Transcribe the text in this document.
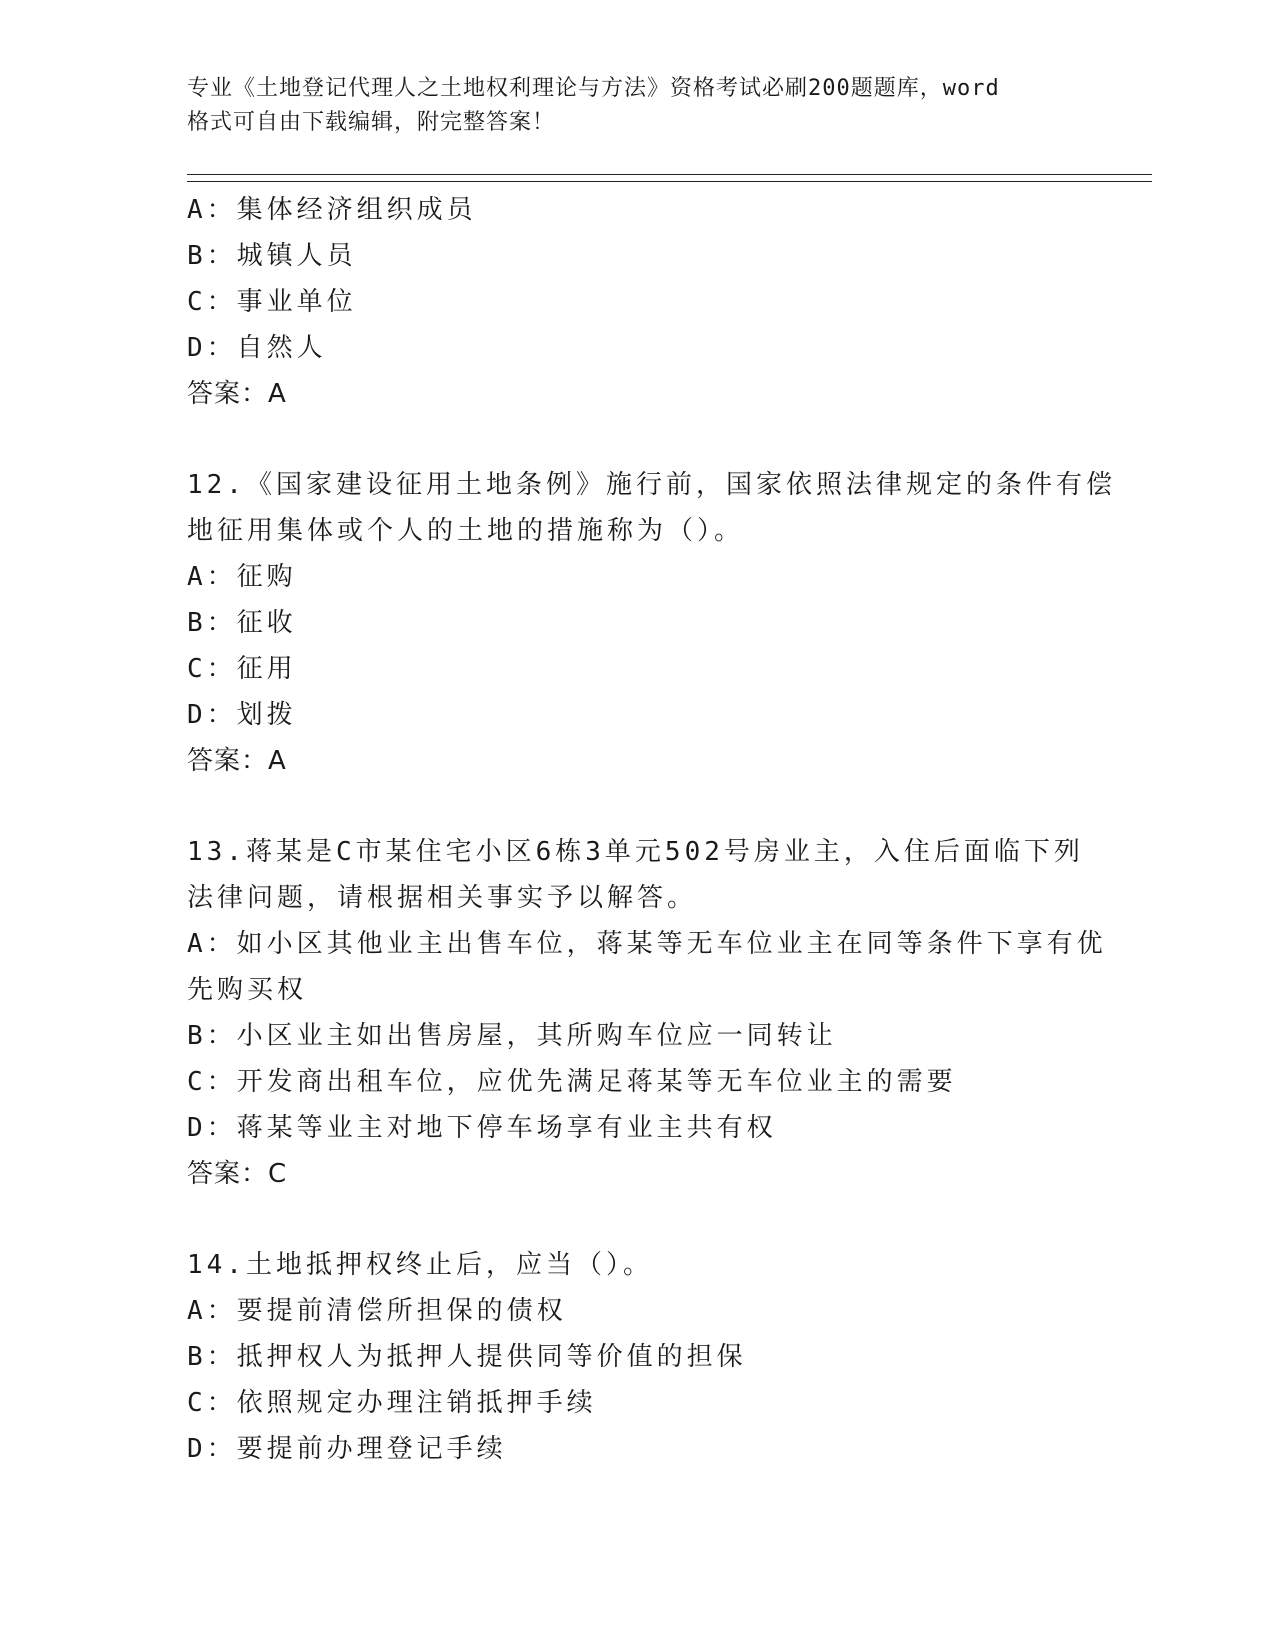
专业《土地登记代理人之土地权利理论与方法》资格考试必刷200题题库，word
格式可自由下载编辑，附完整答案！
A：集体经济组织成员
B：城镇人员
C：事业单位
D：自然人
答案：A
12.《国家建设征用土地条例》施行前，国家依照法律规定的条件有偿
地征用集体或个人的土地的措施称为（）。
A：征购
B：征收
C：征用
D：划拨
答案：A
13.蒋某是C市某住宅小区6栋3单元502号房业主，入住后面临下列
法律问题，请根据相关事实予以解答。
A：如小区其他业主出售车位，蒋某等无车位业主在同等条件下享有优
先购买权
B：小区业主如出售房屋，其所购车位应一同转让
C：开发商出租车位，应优先满足蒋某等无车位业主的需要
D：蒋某等业主对地下停车场享有业主共有权
答案：C
14.土地抵押权终止后，应当（）。
A：要提前清偿所担保的债权
B：抵押权人为抵押人提供同等价值的担保
C：依照规定办理注销抵押手续
D：要提前办理登记手续
